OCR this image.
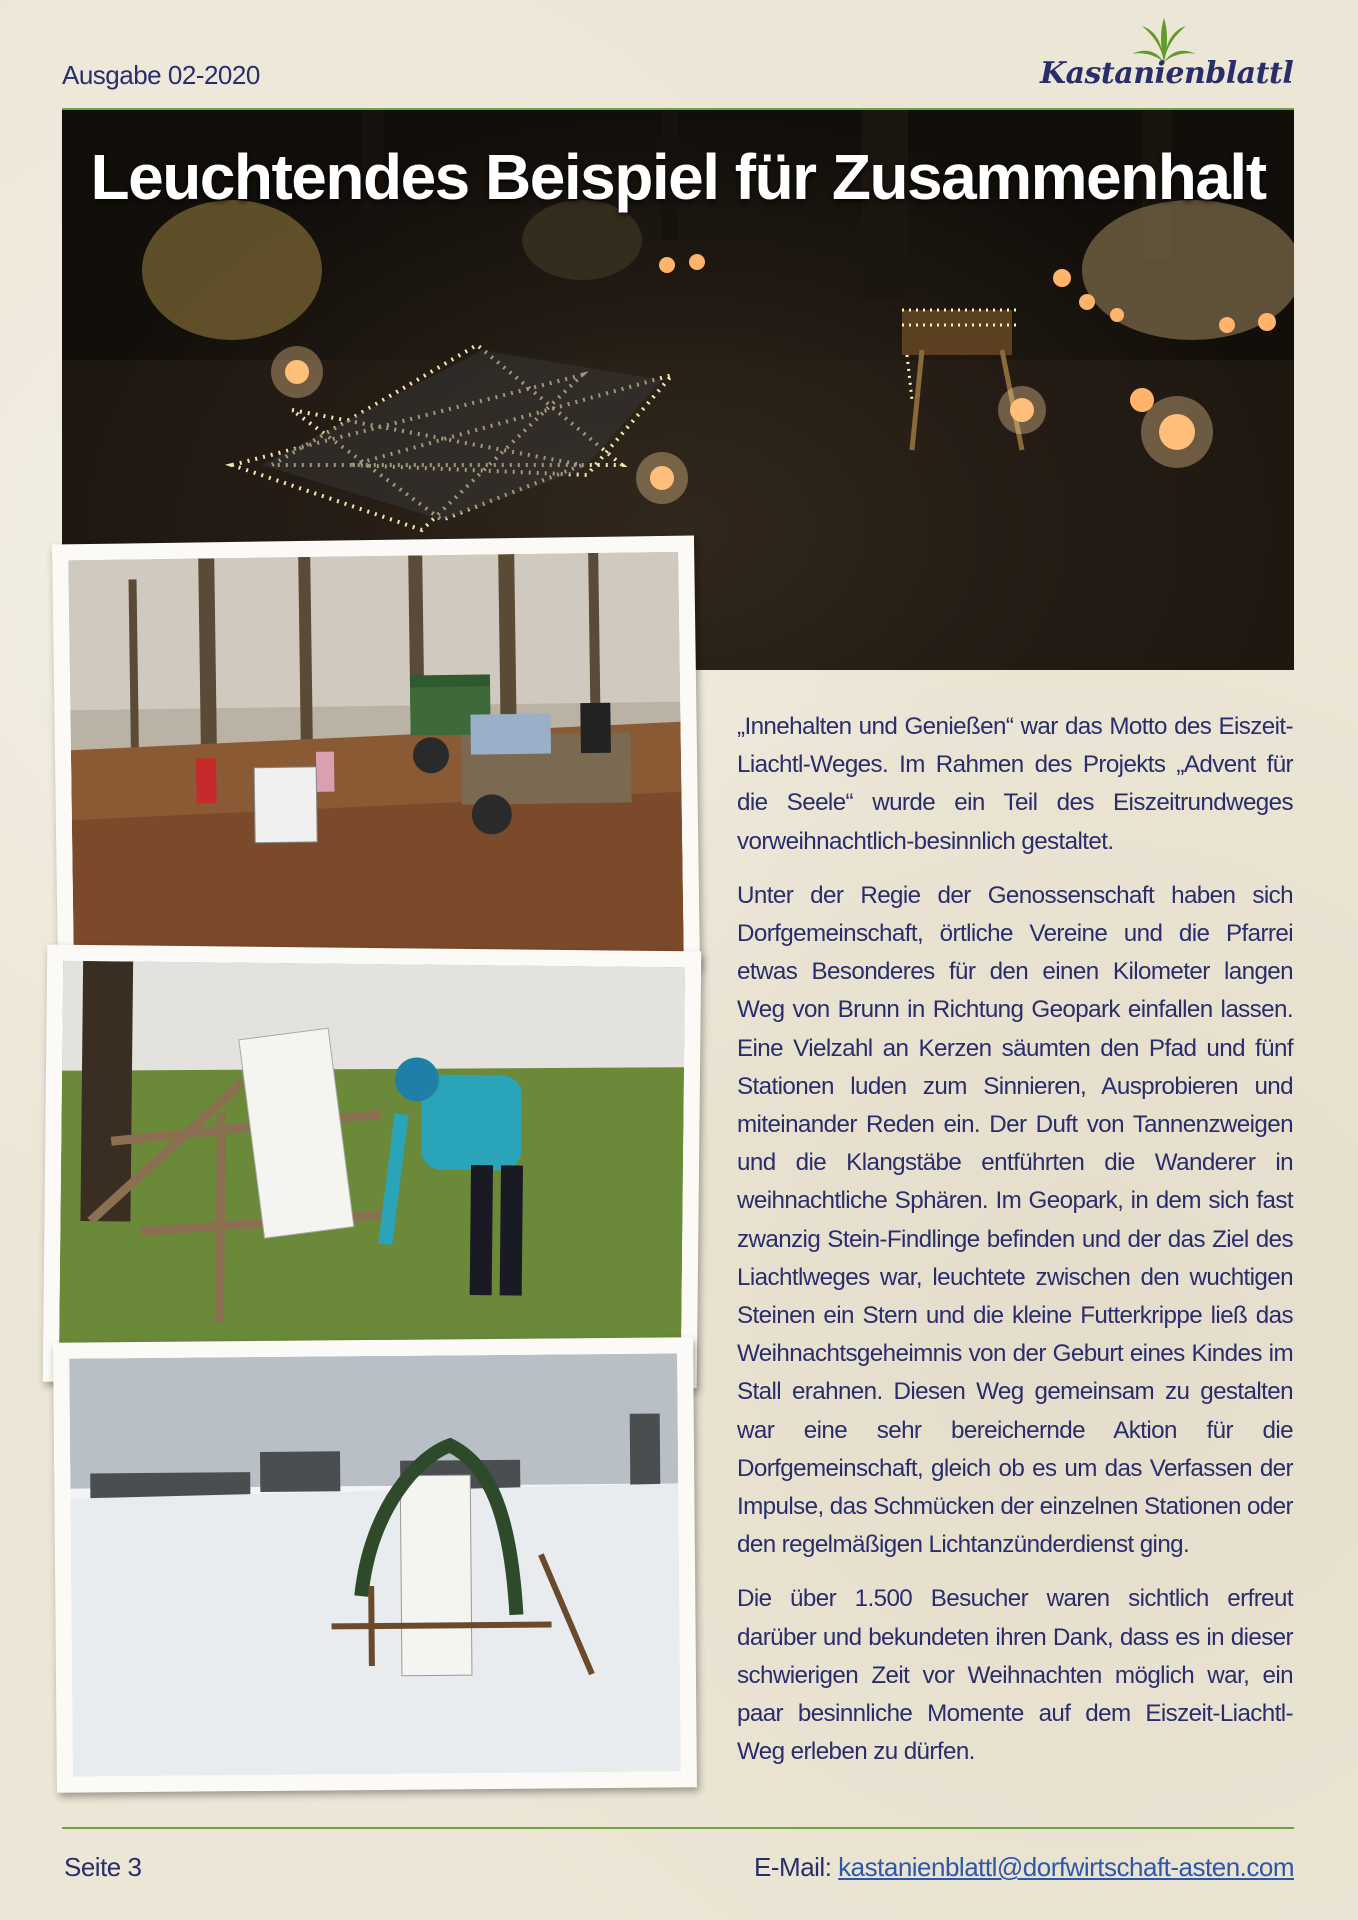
Ausgabe 02-2020	Kastanienblattl
Leuchtendes Beispiel für Zusammenhalt

„Innehalten und Genießen“ war das Motto des Eiszeit-Liachtl-Weges. Im Rahmen des Projekts „Advent für die Seele“ wurde ein Teil des Eiszeitrundweges vorweihnachtlich-besinnlich gestaltet.

Unter der Regie der Genossenschaft haben sich Dorfgemeinschaft, örtliche Vereine und die Pfarrei etwas Besonderes für den einen Kilometer langen Weg von Brunn in Richtung Geopark einfallen lassen. Eine Vielzahl an Kerzen säumten den Pfad und fünf Stationen luden zum Sinnieren, Ausprobieren und miteinander Reden ein. Der Duft von Tannenzweigen und die Klangstäbe entführten die Wanderer in weihnachtliche Sphären. Im Geopark, in dem sich fast zwanzig Stein-Findlinge befinden und der das Ziel des Liachtlweges war, leuchtete zwischen den wuchtigen Steinen ein Stern und die kleine Futterkrippe ließ das Weihnachtsgeheimnis von der Geburt eines Kindes im Stall erahnen. Diesen Weg gemeinsam zu gestalten war eine sehr bereichernde Aktion für die Dorfgemeinschaft, gleich ob es um das Verfassen der Impulse, das Schmücken der einzelnen Stationen oder den regelmäßigen Lichtanzünderdienst ging.

Die über 1.500 Besucher waren sichtlich erfreut darüber und bekundeten ihren Dank, dass es in dieser schwierigen Zeit vor Weihnachten möglich war, ein paar besinnliche Momente auf dem Eiszeit-Liachtl-Weg erleben zu dürfen.

Seite 3	E-Mail: kastanienblattl@dorfwirtschaft-asten.com
